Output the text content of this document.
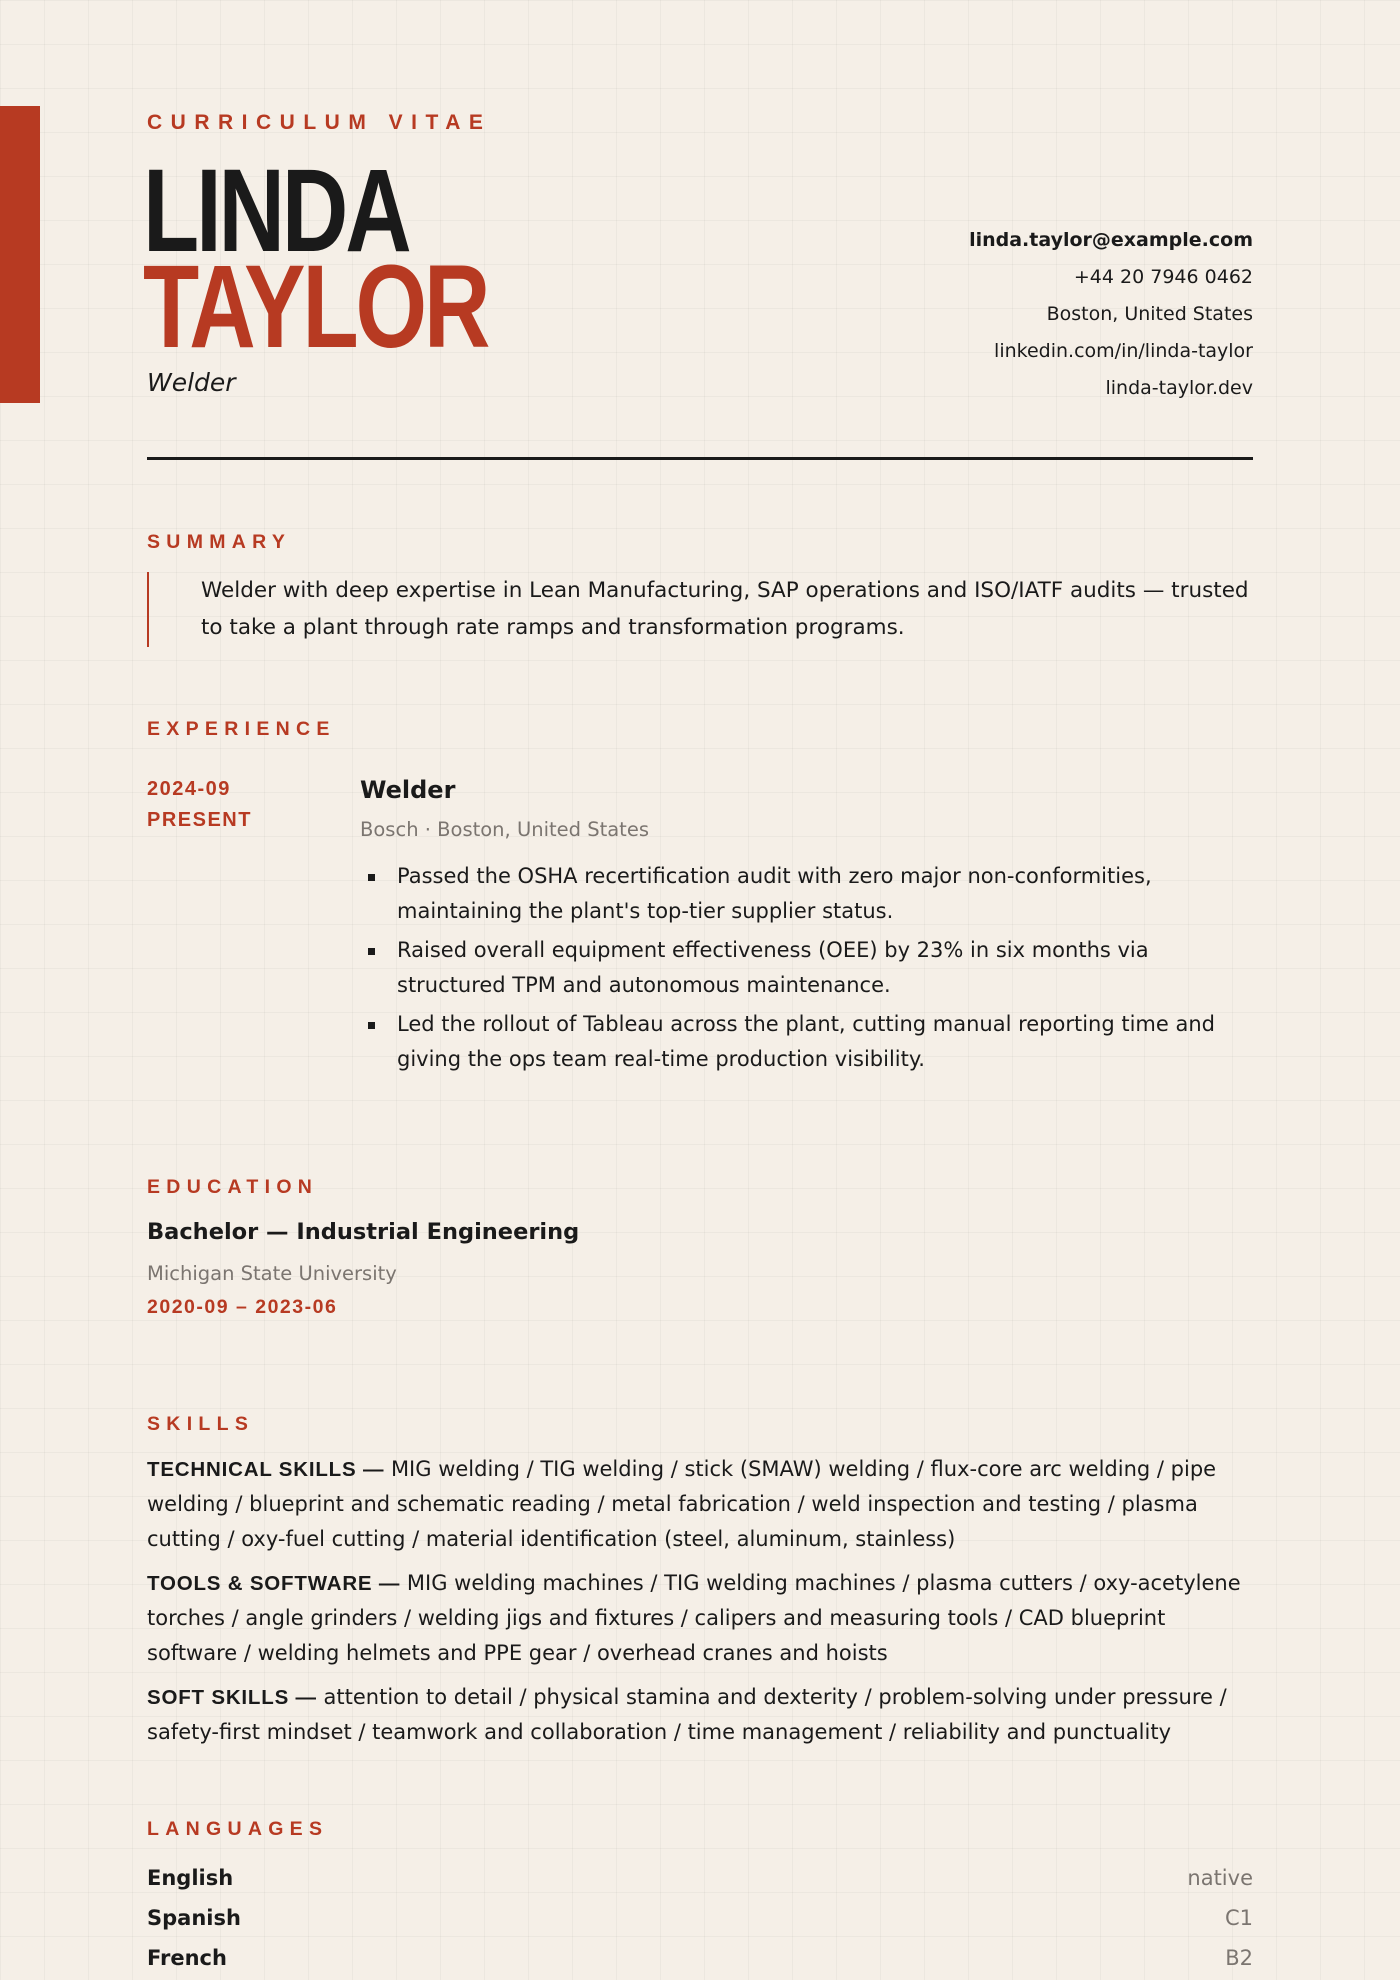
CURRICULUM VITAE
LINDA
TAYLOR
Welder
linda.taylor@example.com
+44 20 7946 0462
Boston, United States
linkedin.com/in/linda-taylor
linda-taylor.dev
SUMMARY

Welder with deep expertise in Lean Manufacturing, SAP operations and ISO/IATF audits — trusted to take a plant through rate ramps and transformation programs.

EXPERIENCE
2024-09
PRESENT
Welder
Bosch · Boston, United States
Passed the OSHA recertification audit with zero major non-conformities, maintaining the plant's top-tier supplier status.
Raised overall equipment effectiveness (OEE) by 23% in six months via structured TPM and autonomous maintenance.
Led the rollout of Tableau across the plant, cutting manual reporting time and giving the ops team real-time production visibility.
EDUCATION
Bachelor — Industrial Engineering
Michigan State University
2020-09 – 2023-06
SKILLS
TECHNICAL SKILLS — MIG welding / TIG welding / stick (SMAW) welding / flux-core arc welding / pipe welding / blueprint and schematic reading / metal fabrication / weld inspection and testing / plasma cutting / oxy-fuel cutting / material identification (steel, aluminum, stainless)
TOOLS & SOFTWARE — MIG welding machines / TIG welding machines / plasma cutters / oxy-acetylene torches / angle grinders / welding jigs and fixtures / calipers and measuring tools / CAD blueprint software / welding helmets and PPE gear / overhead cranes and hoists
SOFT SKILLS — attention to detail / physical stamina and dexterity / problem-solving under pressure / safety-first mindset / teamwork and collaboration / time management / reliability and punctuality
LANGUAGES
English	native
Spanish	C1
French	B2
